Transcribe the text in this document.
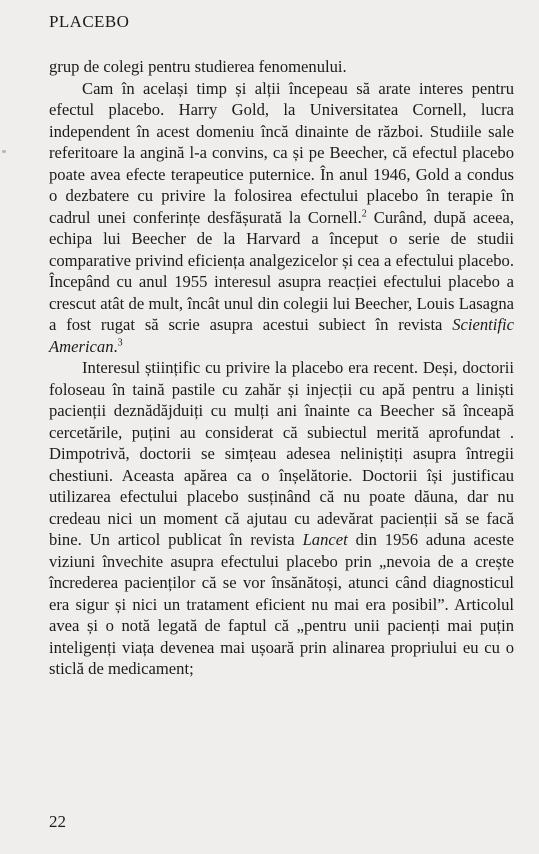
PLACEBO

grup de colegi pentru studierea fenomenului.

Cam în același timp și alții începeau să arate interes pentru efectul placebo. Harry Gold, la Universitatea Cornell, lucra independent în acest domeniu încă dinainte de război. Studiile sale referitoare la angină l-a convins, ca și pe Beecher, că efectul placebo poate avea efecte terapeutice puternice. În anul 1946, Gold a condus o dezbatere cu privire la folosirea efectului placebo în terapie în cadrul unei conferințe desfășurată la Cornell.$^2$ Curând, după aceea, echipa lui Beecher de la Harvard a început o serie de studii comparative privind eficiența analgezicelor și cea a efectului placebo. Începând cu anul 1955 interesul asupra reacției efectului placebo a crescut atât de mult, încât unul din colegii lui Beecher, Louis Lasagna a fost rugat să scrie asupra acestui subiect în revista Scientific American.$^3$

Interesul științific cu privire la placebo era recent. Deși, doctorii foloseau în taină pastile cu zahăr și injecții cu apă pentru a liniști pacienții deznădăjduiți cu mulți ani înainte ca Beecher să înceapă cercetările, puțini au considerat că subiectul merită aprofundat . Dimpotrivă, doctorii se simțeau adesea neliniștiți asupra întregii chestiuni. Aceasta apărea ca o înșelătorie. Doctorii își justificau utilizarea efectului placebo susținând că nu poate dăuna, dar nu credeau nici un moment că ajutau cu adevărat pacienții să se facă bine. Un articol publicat în revista Lancet din 1956 aduna aceste viziuni învechite asupra efectului placebo prin „nevoia de a crește încrederea pacienților că se vor însănătoși, atunci când diagnosticul era sigur și nici un tratament eficient nu mai era posibil”. Articolul avea și o notă legată de faptul că „pentru unii pacienți mai puțin inteligenți viața devenea mai ușoară prin alinarea propriului eu cu o sticlă de medicament;

22
